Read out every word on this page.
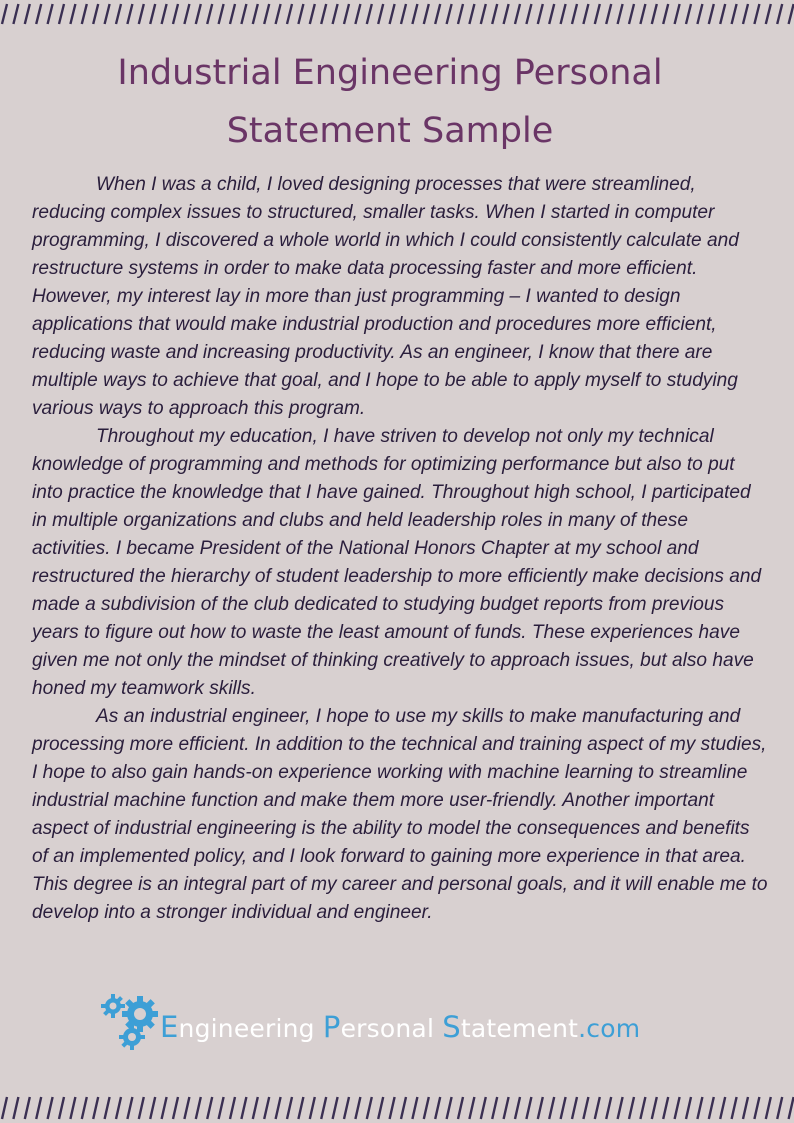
Industrial Engineering Personal
Statement Sample

When I was a child, I loved designing processes that were streamlined, reducing complex issues to structured, smaller tasks. When I started in computer programming, I discovered a whole world in which I could consistently calculate and restructure systems in order to make data processing faster and more efficient. However, my interest lay in more than just programming – I wanted to design applications that would make industrial production and procedures more efficient, reducing waste and increasing productivity. As an engineer, I know that there are multiple ways to achieve that goal, and I hope to be able to apply myself to studying various ways to approach this program.

Throughout my education, I have striven to develop not only my technical knowledge of programming and methods for optimizing performance but also to put into practice the knowledge that I have gained. Throughout high school, I participated in multiple organizations and clubs and held leadership roles in many of these activities. I became President of the National Honors Chapter at my school and restructured the hierarchy of student leadership to more efficiently make decisions and made a subdivision of the club dedicated to studying budget reports from previous years to figure out how to waste the least amount of funds. These experiences have given me not only the mindset of thinking creatively to approach issues, but also have honed my teamwork skills.

As an industrial engineer, I hope to use my skills to make manufacturing and processing more efficient. In addition to the technical and training aspect of my studies, I hope to also gain hands-on experience working with machine learning to streamline industrial machine function and make them more user-friendly. Another important aspect of industrial engineering is the ability to model the consequences and benefits of an implemented policy, and I look forward to gaining more experience in that area. This degree is an integral part of my career and personal goals, and it will enable me to develop into a stronger individual and engineer.

Engineering Personal Statement.com
